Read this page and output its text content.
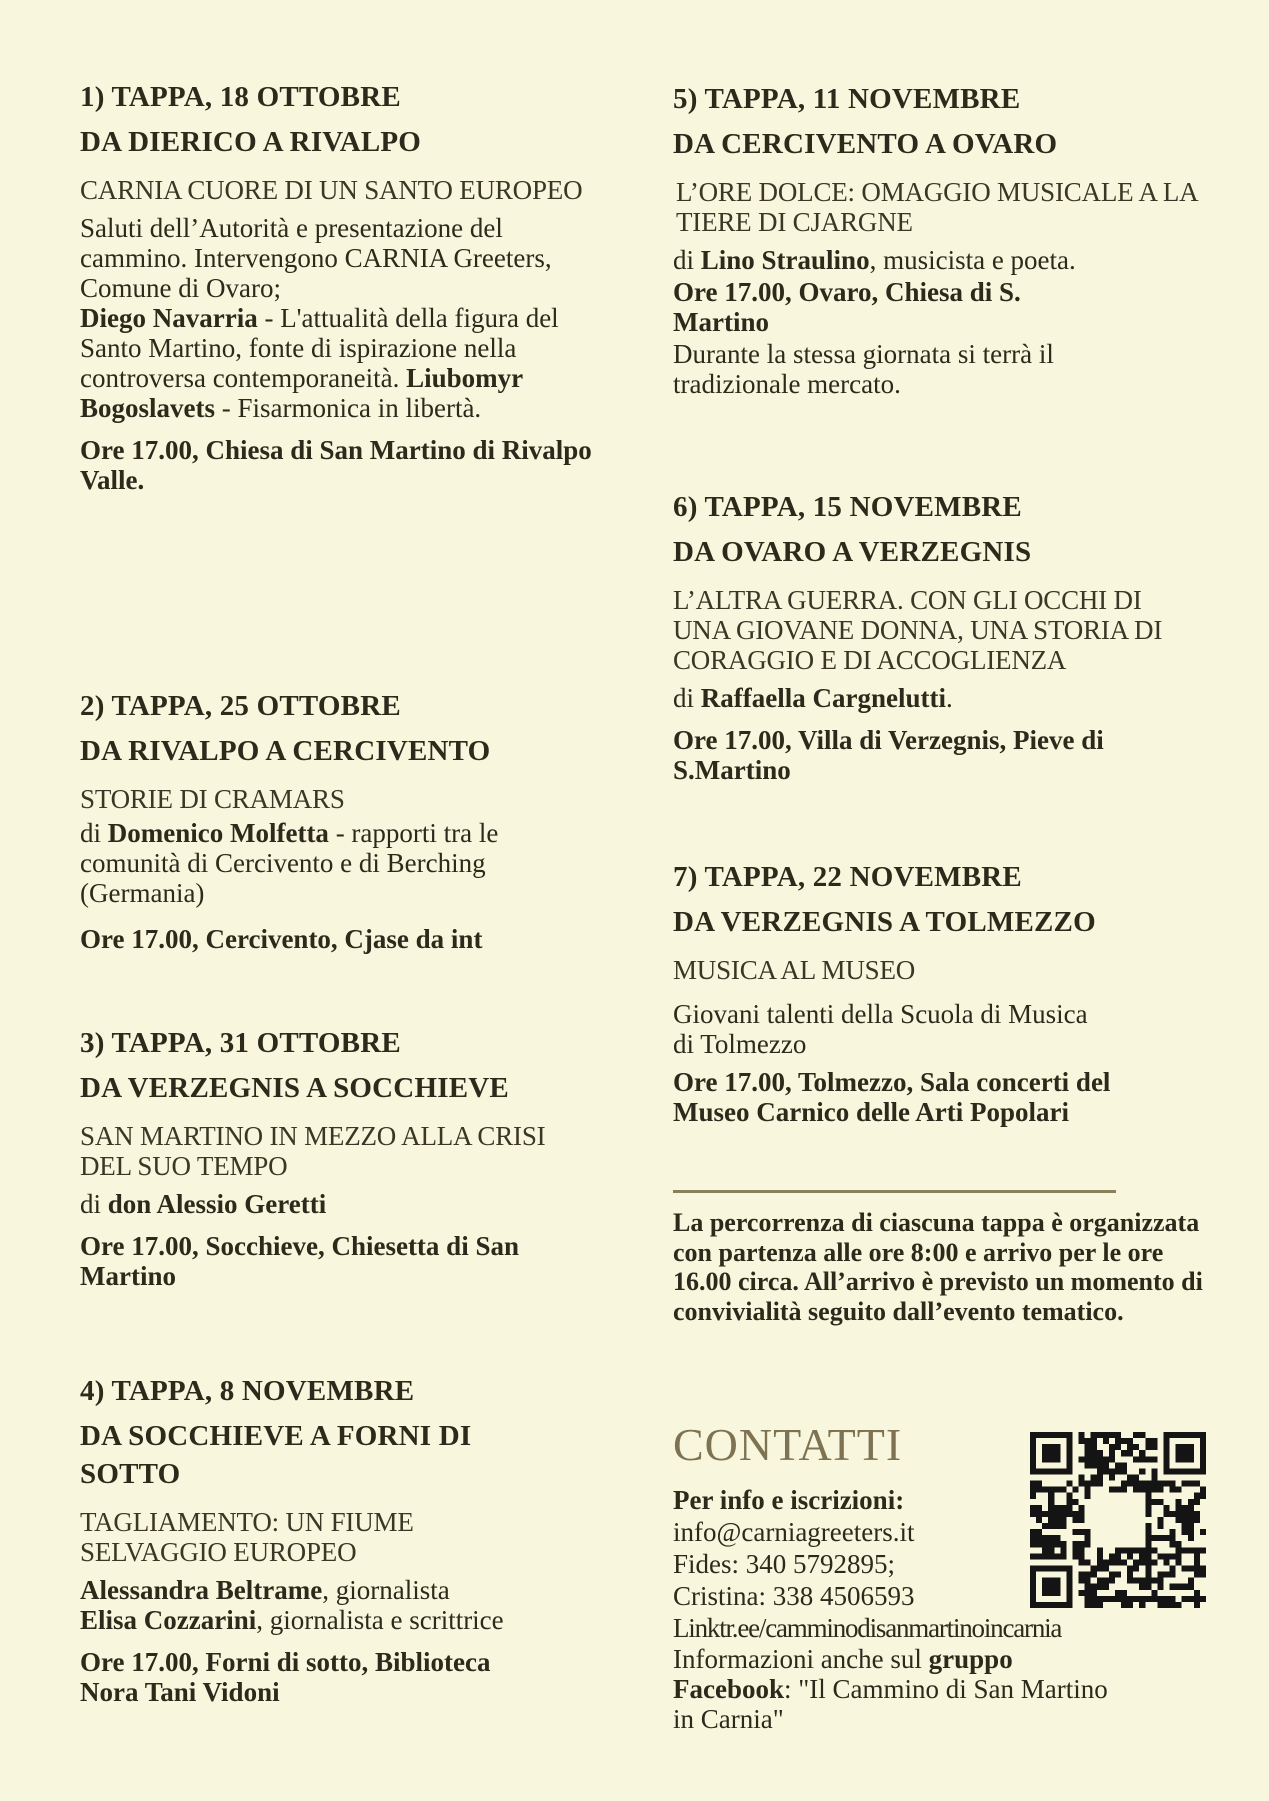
1) TAPPA, 18 OTTOBRE
DA DIERICO A RIVALPO
CARNIA CUORE DI UN SANTO EUROPEO
Saluti dell’Autorità e presentazione del cammino. Intervengono CARNIA Greeters, Comune di Ovaro;
Diego Navarria - L'attualità della figura del Santo Martino, fonte di ispirazione nella controversa contemporaneità. Liubomyr Bogoslavets - Fisarmonica in libertà.
Ore 17.00, Chiesa di San Martino di Rivalpo Valle.
2) TAPPA, 25 OTTOBRE
DA RIVALPO A CERCIVENTO
STORIE DI CRAMARS
di Domenico Molfetta - rapporti tra le comunità di Cercivento e di Berching (Germania)
Ore 17.00, Cercivento, Cjase da int
3) TAPPA, 31 OTTOBRE
DA VERZEGNIS A SOCCHIEVE
SAN MARTINO IN MEZZO ALLA CRISI DEL SUO TEMPO
di don Alessio Geretti
Ore 17.00, Socchieve, Chiesetta di San Martino
4) TAPPA, 8 NOVEMBRE
DA SOCCHIEVE A FORNI DI SOTTO
TAGLIAMENTO: UN FIUME SELVAGGIO EUROPEO
Alessandra Beltrame, giornalista
Elisa Cozzarini, giornalista e scrittrice
Ore 17.00, Forni di sotto, Biblioteca Nora Tani Vidoni
5) TAPPA, 11 NOVEMBRE
DA CERCIVENTO A OVARO
L’ORE DOLCE: OMAGGIO MUSICALE A LA TIERE DI CJARGNE
di Lino Straulino, musicista e poeta.
Ore 17.00, Ovaro, Chiesa di S. Martino
Durante la stessa giornata si terrà il tradizionale mercato.
6) TAPPA, 15 NOVEMBRE
DA OVARO A VERZEGNIS
L’ALTRA GUERRA. CON GLI OCCHI DI UNA GIOVANE DONNA, UNA STORIA DI CORAGGIO E DI ACCOGLIENZA
di Raffaella Cargnelutti.
Ore 17.00, Villa di Verzegnis, Pieve di S.Martino
7) TAPPA, 22 NOVEMBRE
DA VERZEGNIS A TOLMEZZO
MUSICA AL MUSEO
Giovani talenti della Scuola di Musica di Tolmezzo
Ore 17.00, Tolmezzo, Sala concerti del Museo Carnico delle Arti Popolari
La percorrenza di ciascuna tappa è organizzata con partenza alle ore 8:00 e arrivo per le ore 16.00 circa. All’arrivo è previsto un momento di convivialità seguito dall’evento tematico.
CONTATTI
Per info e iscrizioni:
info@carniagreeters.it
Fides: 340 5792895;
Cristina: 338 4506593
Linktr.ee/camminodisanmartinoincarnia
Informazioni anche sul gruppo Facebook: "Il Cammino di San Martino in Carnia"
